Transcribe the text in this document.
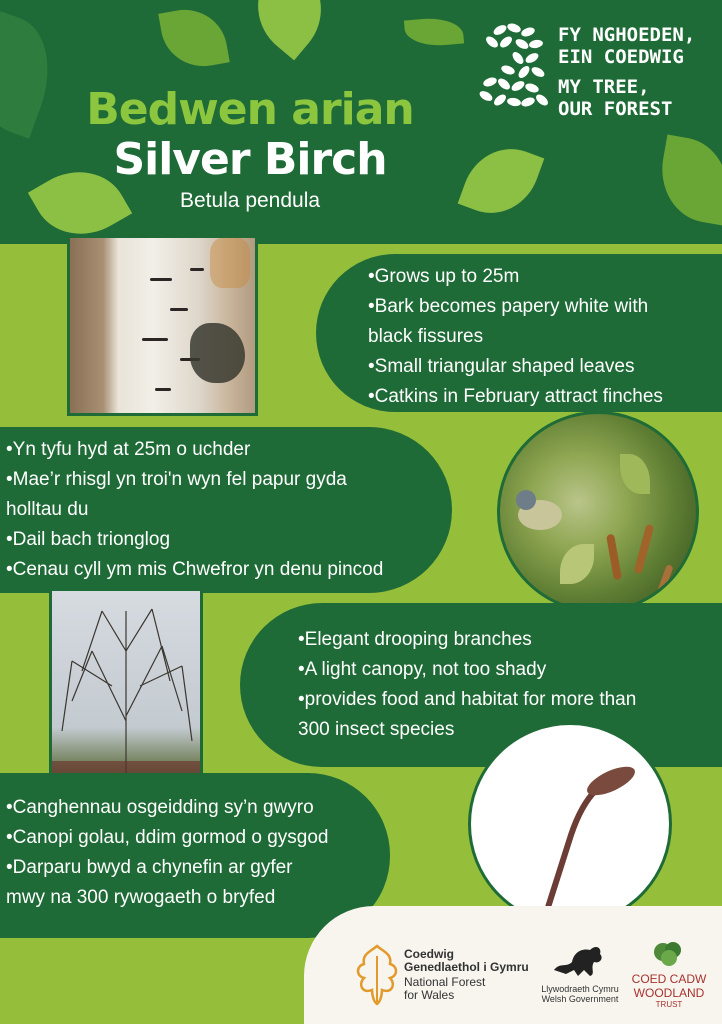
Bedwen arian
Silver Birch
Betula pendula
FY NGHOEDEN,
EIN COEDWIG
MY TREE,
OUR FOREST
•Grows up to 25m
•Bark becomes papery white with
black fissures
•Small triangular shaped leaves
•Catkins in February attract finches
•Yn tyfu hyd at 25m o uchder
•Mae’r rhisgl yn troi'n wyn fel papur gyda
holltau du
•Dail bach trionglog
•Cenau cyll ym mis Chwefror yn denu pincod
•Elegant drooping branches
•A light canopy, not too shady
•provides food and habitat for more than
300 insect species
•Canghennau osgeidding sy’n gwyro
•Canopi golau, ddim gormod o gysgod
•Darparu bwyd a chynefin ar gyfer
mwy na 300 rywogaeth o bryfed
Coedwig
Genedlaethol i Gymru
National Forest
for Wales	Llywodraeth Cymru
Welsh Government
COED CADW
WOODLAND
TRUST
